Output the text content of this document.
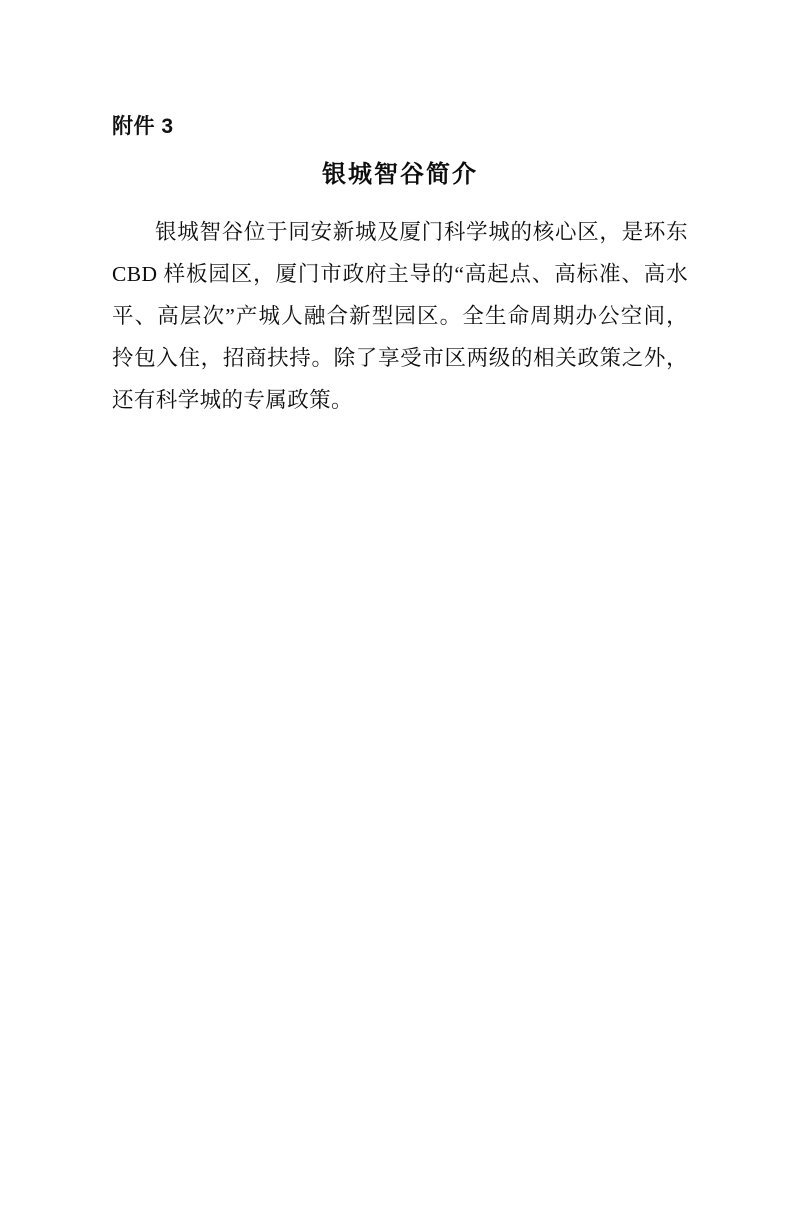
附件 3
银城智谷简介

银城智谷位于同安新城及厦门科学城的核心区，是环东 CBD 样板园区，厦门市政府主导的“高起点、高标准、高水平、高层次”产城人融合新型园区。全生命周期办公空间，拎包入住，招商扶持。除了享受市区两级的相关政策之外，还有科学城的专属政策。
